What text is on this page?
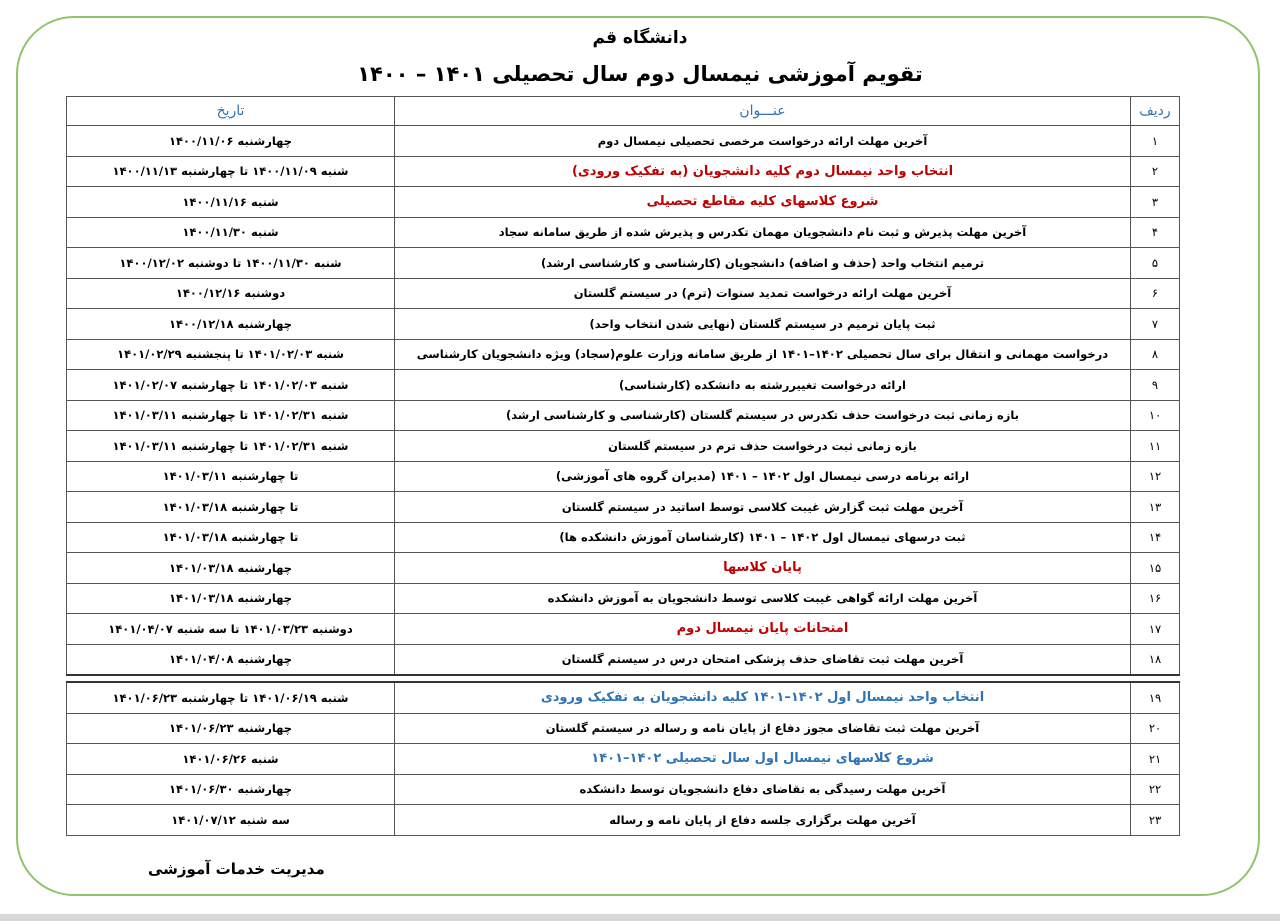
دانشگاه قم
تقویم آموزشی نیمسال دوم سال تحصیلی ۱۴۰۱ – ۱۴۰۰
ردیف	عنـــوان	تاریخ
۱	آخرین مهلت ارائه درخواست مرخصی تحصیلی نیمسال دوم	چهارشنبه ۱۴۰۰/۱۱/۰۶
۲	انتخاب واحد نیمسال دوم کلیه دانشجویان (به تفکیک ورودی)	شنبه ۱۴۰۰/۱۱/۰۹ تا چهارشنبه ۱۴۰۰/۱۱/۱۳
۳	شروع کلاسهای کلیه مقاطع تحصیلی	شنبه ۱۴۰۰/۱۱/۱۶
۴	آخرین مهلت پذیرش و ثبت نام دانشجویان مهمان تکدرس و پذیرش شده از طریق سامانه سجاد	شنبه ۱۴۰۰/۱۱/۳۰
۵	ترمیم انتخاب واحد (حذف و اضافه) دانشجویان (کارشناسی و کارشناسی ارشد)	شنبه ۱۴۰۰/۱۱/۳۰ تا دوشنبه ۱۴۰۰/۱۲/۰۲
۶	آخرین مهلت ارائه درخواست تمدید سنوات (ترم) در سیستم گلستان	دوشنبه ۱۴۰۰/۱۲/۱۶
۷	ثبت پایان ترمیم در سیستم گلستان (نهایی شدن انتخاب واحد)	چهارشنبه ۱۴۰۰/۱۲/۱۸
۸	درخواست مهمانی و انتقال برای سال تحصیلی ۱۴۰۲–۱۴۰۱ از طریق سامانه وزارت علوم(سجاد) ویژه دانشجویان کارشناسی	شنبه ۱۴۰۱/۰۲/۰۳ تا پنجشنبه ۱۴۰۱/۰۲/۲۹
۹	ارائه درخواست تغییررشته به دانشکده (کارشناسی)	شنبه ۱۴۰۱/۰۲/۰۳ تا چهارشنبه ۱۴۰۱/۰۲/۰۷
۱۰	بازه زمانی ثبت درخواست حذف تکدرس در سیستم گلستان (کارشناسی و کارشناسی ارشد)	شنبه ۱۴۰۱/۰۲/۳۱ تا چهارشنبه ۱۴۰۱/۰۳/۱۱
۱۱	بازه زمانی ثبت درخواست حذف ترم در سیستم گلستان	شنبه ۱۴۰۱/۰۲/۳۱ تا چهارشنبه ۱۴۰۱/۰۳/۱۱
۱۲	ارائه برنامه درسی نیمسال اول ۱۴۰۲ – ۱۴۰۱ (مدیران گروه های آموزشی)	تا چهارشنبه ۱۴۰۱/۰۳/۱۱
۱۳	آخرین مهلت ثبت گزارش غیبت کلاسی توسط اساتید در سیستم گلستان	تا چهارشنبه ۱۴۰۱/۰۳/۱۸
۱۴	ثبت درسهای نیمسال اول ۱۴۰۲ – ۱۴۰۱ (کارشناسان آموزش دانشکده ها)	تا چهارشنبه ۱۴۰۱/۰۳/۱۸
۱۵	پایان کلاسها	چهارشنبه ۱۴۰۱/۰۳/۱۸
۱۶	آخرین مهلت ارائه گواهی غیبت کلاسی توسط دانشجویان به آموزش دانشکده	چهارشنبه ۱۴۰۱/۰۳/۱۸
۱۷	امتحانات پایان نیمسال دوم	دوشنبه ۱۴۰۱/۰۳/۲۳ تا سه شنبه ۱۴۰۱/۰۴/۰۷
۱۸	آخرین مهلت ثبت تقاضای حذف پزشکی امتحان درس در سیستم گلستان	چهارشنبه ۱۴۰۱/۰۴/۰۸

۱۹	انتخاب واحد نیمسال اول ۱۴۰۲–۱۴۰۱ کلیه دانشجویان به تفکیک ورودی	شنبه ۱۴۰۱/۰۶/۱۹ تا چهارشنبه ۱۴۰۱/۰۶/۲۳
۲۰	آخرین مهلت ثبت تقاضای مجوز دفاع از پایان نامه و رساله در سیستم گلستان	چهارشنبه ۱۴۰۱/۰۶/۲۳
۲۱	شروع کلاسهای نیمسال اول سال تحصیلی ۱۴۰۲–۱۴۰۱	شنبه ۱۴۰۱/۰۶/۲۶
۲۲	آخرین مهلت رسیدگی به تقاضای دفاع دانشجویان توسط دانشکده	چهارشنبه ۱۴۰۱/۰۶/۳۰
۲۳	آخرین مهلت برگزاری جلسه دفاع از پایان نامه و رساله	سه شنبه ۱۴۰۱/۰۷/۱۲
مدیریت خدمات آموزشی
